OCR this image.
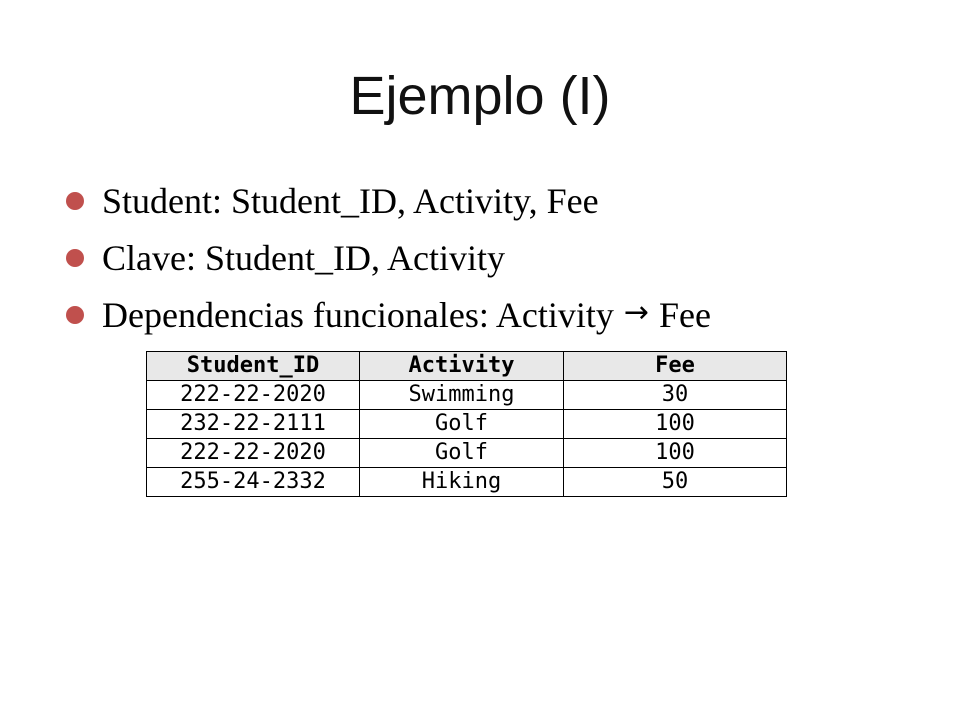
Ejemplo (I)
Student: Student_ID, Activity, Fee
Clave: Student_ID, Activity
Dependencias funcionales: Activity → Fee
Student_ID	Activity	Fee
222-22-2020	Swimming	30
232-22-2111	Golf	100
222-22-2020	Golf	100
255-24-2332	Hiking	50
